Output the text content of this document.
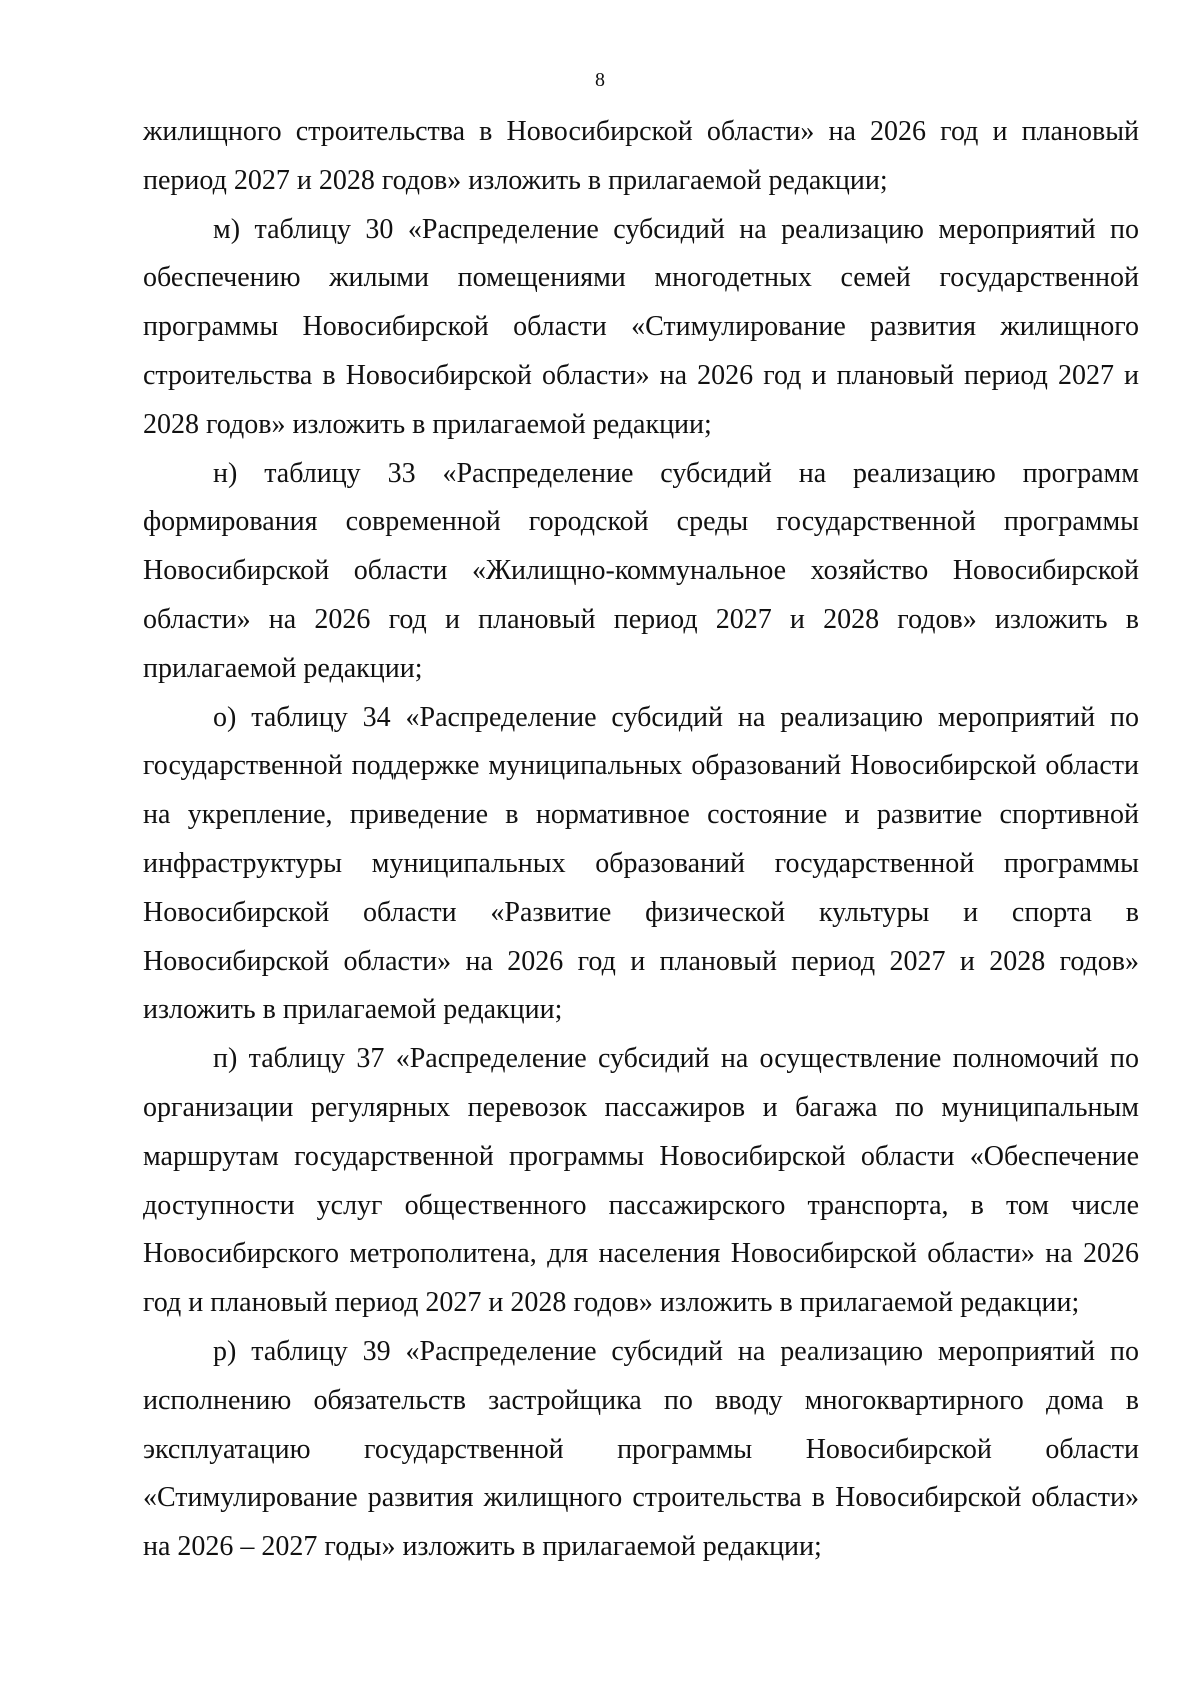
8

жилищного строительства в Новосибирской области» на 2026 год и плановый период 2027 и 2028 годов» изложить в прилагаемой редакции;

м) таблицу 30 «Распределение субсидий на реализацию мероприятий по обеспечению жилыми помещениями многодетных семей государственной программы Новосибирской области «Стимулирование развития жилищного строительства в Новосибирской области» на 2026 год и плановый период 2027 и 2028 годов» изложить в прилагаемой редакции;

н) таблицу 33 «Распределение субсидий на реализацию программ формирования современной городской среды государственной программы Новосибирской области «Жилищно-коммунальное хозяйство Новосибирской области» на 2026 год и плановый период 2027 и 2028 годов» изложить в прилагаемой редакции;

о) таблицу 34 «Распределение субсидий на реализацию мероприятий по государственной поддержке муниципальных образований Новосибирской области на укрепление, приведение в нормативное состояние и развитие спортивной инфраструктуры муниципальных образований государственной программы Новосибирской области «Развитие физической культуры и спорта в Новосибирской области» на 2026 год и плановый период 2027 и 2028 годов» изложить в прилагаемой редакции;

п) таблицу 37 «Распределение субсидий на осуществление полномочий по организации регулярных перевозок пассажиров и багажа по муниципальным маршрутам государственной программы Новосибирской области «Обеспечение доступности услуг общественного пассажирского транспорта, в том числе Новосибирского метрополитена, для населения Новосибирской области» на 2026 год и плановый период 2027 и 2028 годов» изложить в прилагаемой редакции;

р) таблицу 39 «Распределение субсидий на реализацию мероприятий по исполнению обязательств застройщика по вводу многоквартирного дома в эксплуатацию государственной программы Новосибирской области «Стимулирование развития жилищного строительства в Новосибирской области» на 2026 – 2027 годы» изложить в прилагаемой редакции;
